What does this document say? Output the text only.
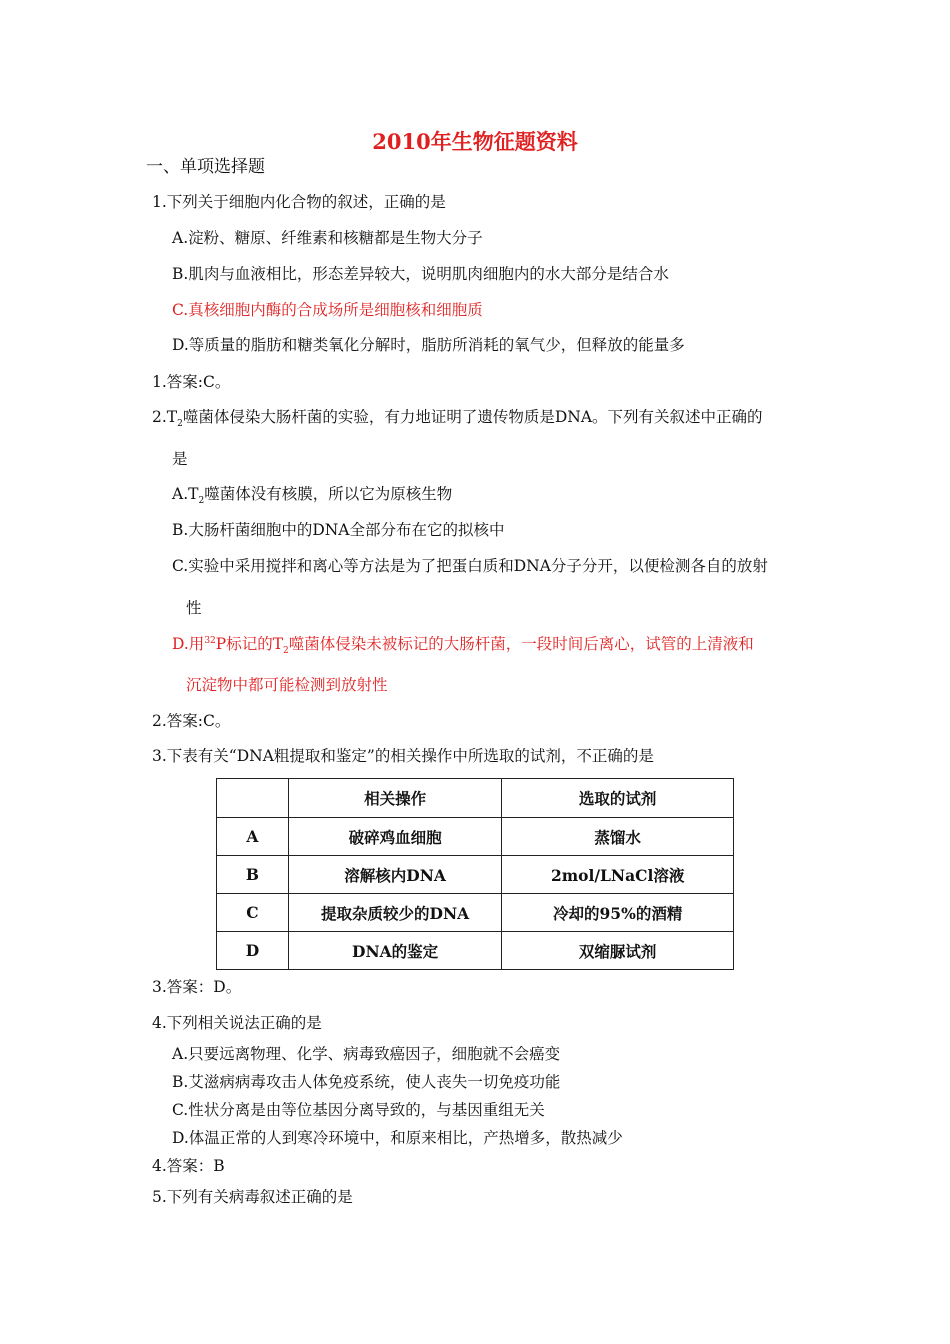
2010年生物征题资料
一、单项选择题
1.下列关于细胞内化合物的叙述，正确的是
A.淀粉、糖原、纤维素和核糖都是生物大分子
B.肌肉与血液相比，形态差异较大，说明肌肉细胞内的水大部分是结合水
C.真核细胞内酶的合成场所是细胞核和细胞质
D.等质量的脂肪和糖类氧化分解时，脂肪所消耗的氧气少，但释放的能量多
1.答案:C。
$2.T_2$噬菌体侵染大肠杆菌的实验，有力地证明了遗传物质是DNA。下列有关叙述中正确的
是
$A.T_2$噬菌体没有核膜，所以它为原核生物
B.大肠杆菌细胞中的DNA全部分布在它的拟核中
C.实验中采用搅拌和离心等方法是为了把蛋白质和DNA分子分开，以便检测各自的放射
性
D.用$^{32}$P标记的$T_2$噬菌体侵染未被标记的大肠杆菌，一段时间后离心，试管的上清液和
沉淀物中都可能检测到放射性
2.答案:C。
3.下表有关“DNA粗提取和鉴定”的相关操作中所选取的试剂，不正确的是
	相关操作	选取的试剂
A	破碎鸡血细胞	蒸馏水
B	溶解核内DNA	2mol/LNaCl溶液
C	提取杂质较少的DNA	冷却的95%的酒精
D	DNA的鉴定	双缩脲试剂
3.答案：D。
4.下列相关说法正确的是
A.只要远离物理、化学、病毒致癌因子，细胞就不会癌变
B.艾滋病病毒攻击人体免疫系统，使人丧失一切免疫功能
C.性状分离是由等位基因分离导致的，与基因重组无关
D.体温正常的人到寒冷环境中，和原来相比，产热增多，散热减少
4.答案：B
5.下列有关病毒叙述正确的是
